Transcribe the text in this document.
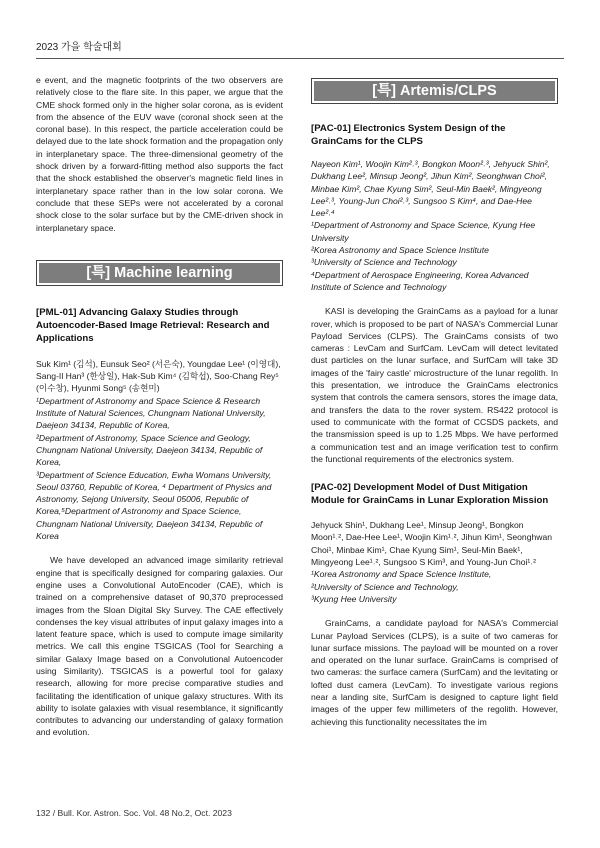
2023 가을 학술대회

e event, and the magnetic footprints of the two observers are relatively close to the flare site. In this paper, we argue that the CME shock formed only in the higher solar corona, as is evident from the absence of the EUV wave (coronal shock seen at the coronal base). In this respect, the particle acceleration could be delayed due to the late shock formation and the propagation only in interplanetary space. The three-dimensional geometry of the shock driven by a forward-fitting method also supports the fact that the shock established the observer's magnetic field lines in interplanetary space rather than in the low solar corona. We conclude that these SEPs were not accelerated by a coronal shock close to the solar surface but by the CME-driven shock in interplanetary space.

[특] Machine learning

[PML-01] Advancing Galaxy Studies through Autoencoder-Based Image Retrieval: Research and Applications

Suk Kim¹ (김석), Eunsuk Seo² (서은숙), Youngdae Lee¹ (이영대), Sang-Il Han³ (한상일), Hak-Sub Kim⁴ (김학섭), Soo-Chang Rey⁵ (이수창), Hyunmi Song⁵ (송현미)

¹Department of Astronomy and Space Science & Research Institute of Natural Sciences, Chungnam National University, Daejeon 34134, Republic of Korea,

²Department of Astronomy, Space Science and Geology, Chungnam National University, Daejeon 34134, Republic of Korea,

³Department of Science Education, Ewha Womans University, Seoul 03760, Republic of Korea, ⁴ Department of Physics and Astronomy, Sejong University, Seoul 05006, Republic of Korea,⁵Department of Astronomy and Space Science, Chungnam National University, Daejeon 34134, Republic of Korea

We have developed an advanced image similarity retrieval engine that is specifically designed for comparing galaxies. Our engine uses a Convolutional AutoEncoder (CAE), which is trained on a comprehensive dataset of 90,370 preprocessed images from the Sloan Digital Sky Survey. The CAE effectively condenses the key visual attributes of input galaxy images into a latent feature space, which is used to compute image similarity metrics. We call this engine TSGICAS (Tool for Searching a similar Galaxy Image based on a Convolutional Autoencoder using Similarity). TSGICAS is a powerful tool for galaxy research, allowing for more precise comparative studies and facilitating the identification of unique galaxy structures. With its ability to isolate galaxies with visual resemblance, it significantly contributes to advancing our understanding of galaxy formation and evolution.

[특] Artemis/CLPS

[PAC-01] Electronics System Design of the GrainCams for the CLPS

Nayeon Kim¹, Woojin Kim²˒³, Bongkon Moon²˒³, Jehyuck Shin², Dukhang Lee², Minsup Jeong², Jihun Kim², Seonghwan Choi², Minbae Kim², Chae Kyung Sim², Seul-Min Baek², Mingyeong Lee²˒³, Young-Jun Choi²˒³, Sungsoo S Kim⁴, and Dae-Hee Lee²˒⁴

¹Department of Astronomy and Space Science, Kyung Hee University

²Korea Astronomy and Space Science Institute

³University of Science and Technology

⁴Department of Aerospace Engineering, Korea Advanced Institute of Science and Technology

KASI is developing the GrainCams as a payload for a lunar rover, which is proposed to be part of NASA's Commercial Lunar Payload Services (CLPS). The GrainCams consists of two cameras : LevCam and SurfCam. LevCam will detect levitated dust particles on the lunar surface, and SurfCam will take 3D images of the 'fairy castle' microstructure of the lunar regolith. In this presentation, we introduce the GrainCams electronics system that controls the camera sensors, stores the image data, and transfers the data to the rover system. RS422 protocol is used to communicate with the format of CCSDS packets, and the transmission speed is up to 1.25 Mbps. We have performed a communication test and an image verification test to confirm the functional requirements of the electronics system.

[PAC-02] Development Model of Dust Mitigation Module for GrainCams in Lunar Exploration Mission

Jehyuck Shin¹, Dukhang Lee¹, Minsup Jeong¹, Bongkon Moon¹˒², Dae-Hee Lee¹, Woojin Kim¹˒², Jihun Kim¹, Seonghwan Choi¹, Minbae Kim¹, Chae Kyung Sim¹, Seul-Min Baek¹, Mingyeong Lee¹˒², Sungsoo S Kim³, and Young-Jun Choi¹˒²

¹Korea Astronomy and Space Science Institute,

²University of Science and Technology,

³Kyung Hee University

GrainCams, a candidate payload for NASA's Commercial Lunar Payload Services (CLPS), is a suite of two cameras for lunar surface missions. The payload will be mounted on a rover and operated on the lunar surface. GrainCams is comprised of two cameras: the surface camera (SurfCam) and the levitating or lofted dust camera (LevCam). To investigate various regions near a landing site, SurfCam is designed to capture light field images of the upper few millimeters of the regolith. However, achieving this functionality necessitates the im

132 / Bull. Kor. Astron. Soc. Vol. 48 No.2, Oct. 2023
